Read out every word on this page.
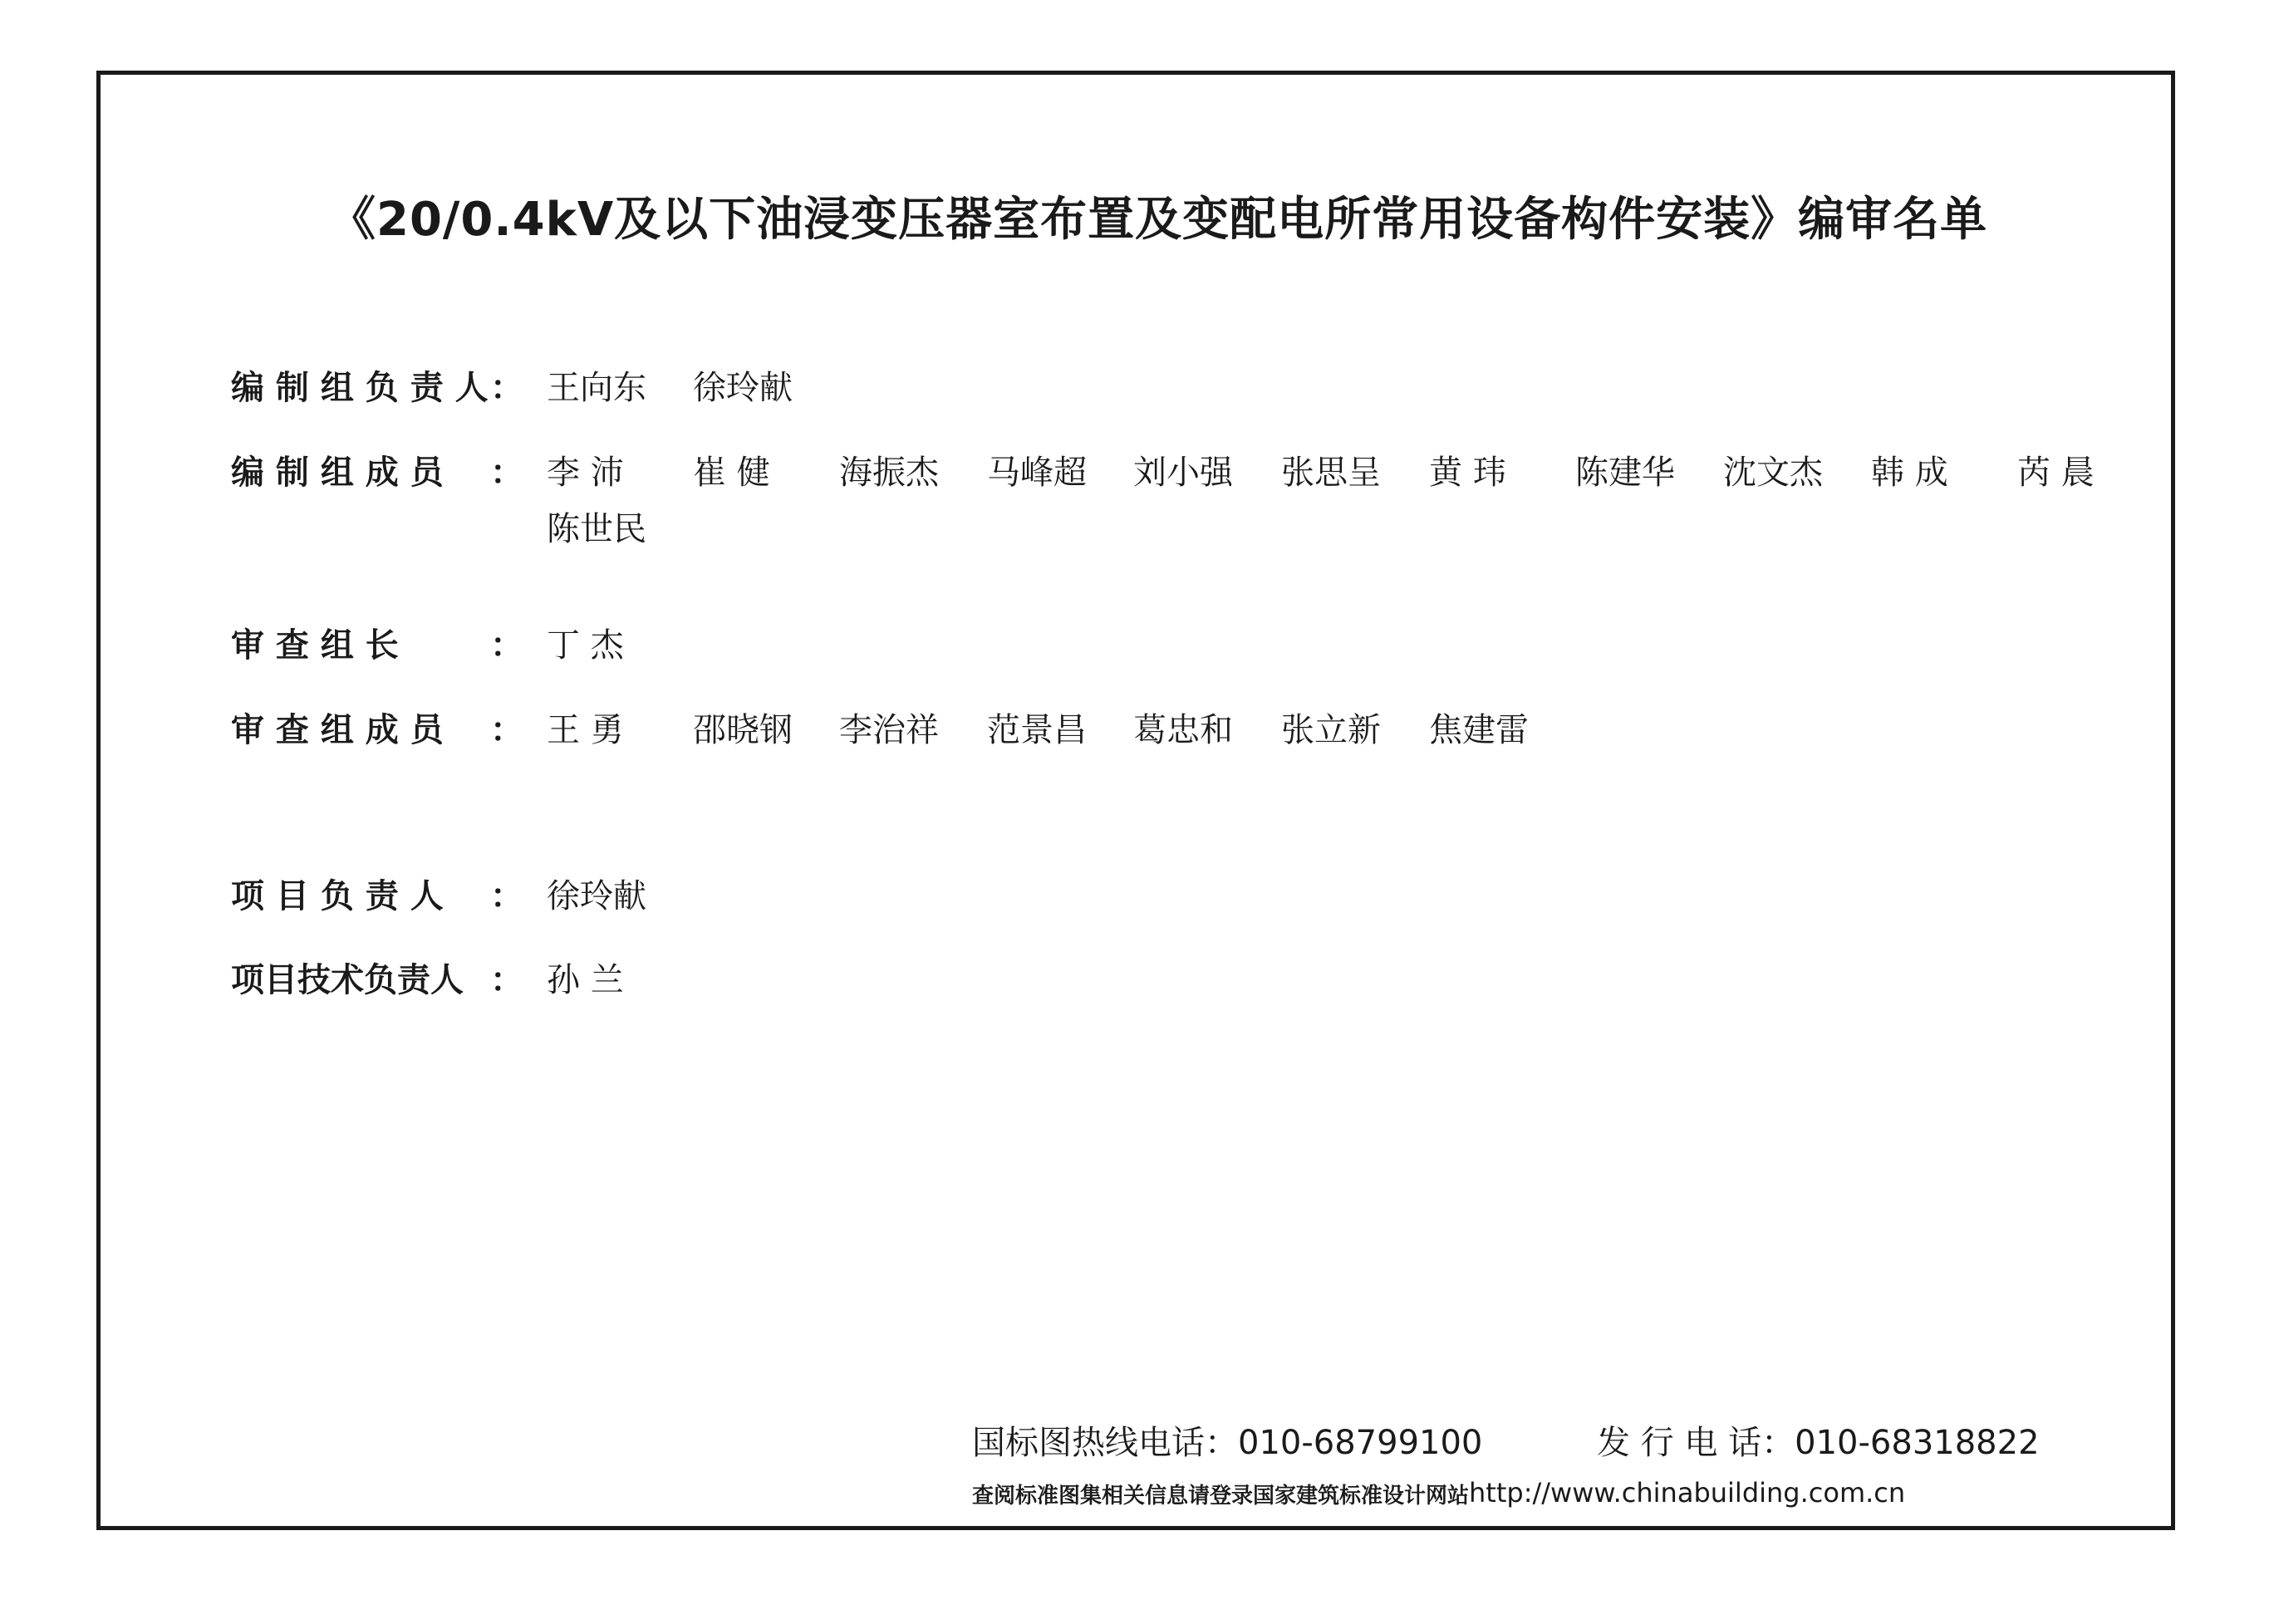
《20/0.4kV及以下油浸变压器室布置及变配电所常用设备构件安装》编审名单
编 制 组 负 责 人 ： 王向东 徐玲献
编 制 组 成 员 ： 李 沛 崔 健 海振杰 马峰超 刘小强 张思呈 黄 玮 陈建华 沈文杰 韩 成 芮 晨
陈世民
审 查 组 长	： 丁 杰
审 查 组 成 员 ： 王 勇 邵晓钢 李治祥 范景昌 葛忠和 张立新 焦建雷
项 目 负 责 人 ： 徐玲献
项目技术负责人 ： 孙 兰
国标图热线电话：010-68799100	发 行 电 话：010-68318822
查阅标准图集相关信息请登录国家建筑标准设计网站 http://www.chinabuilding.com.cn
